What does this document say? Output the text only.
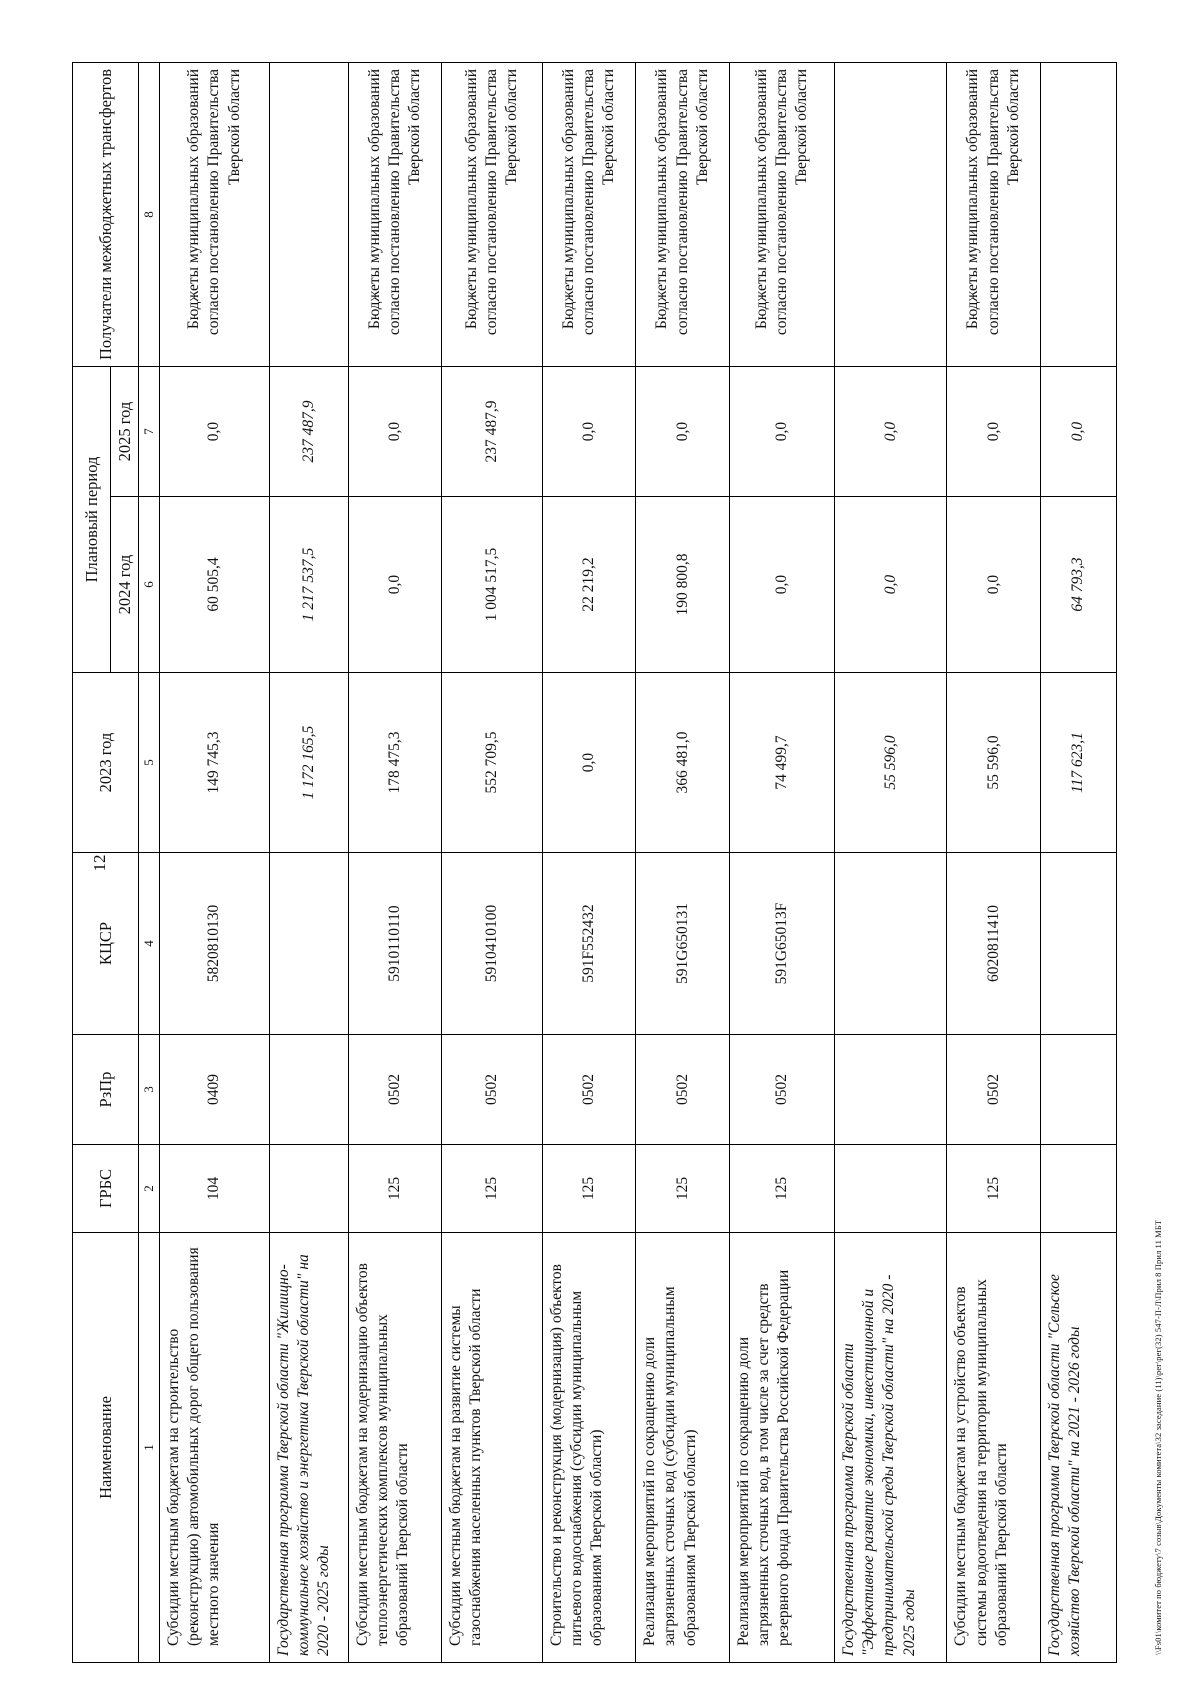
12
Наименование	ГРБС	РзПр	КЦСР	2023 год	Плановый период		Получатели межбюджетных трансфертов
					2024 год	2025 год	
1	2	3	4	5	6	7	8
Субсидии местным бюджетам на строительство (реконструкцию) автомобильных дорог общего пользования местного значения	104	0409	5820810130	149 745,3	60 505,4	0,0	Бюджеты муниципальных образований согласно постановлению Правительства Тверской области
Государственная программа Тверской области "Жилищно-коммунальное хозяйство и энергетика Тверской области" на 2020 - 2025 годы				1 172 165,5	1 217 537,5	237 487,9	
Субсидии местным бюджетам на модернизацию объектов теплоэнергетических комплексов муниципальных образований Тверской области	125	0502	5910110110	178 475,3	0,0	0,0	Бюджеты муниципальных образований согласно постановлению Правительства Тверской области
Субсидии местным бюджетам на развитие системы газоснабжения населенных пунктов Тверской области	125	0502	5910410100	552 709,5	1 004 517,5	237 487,9	Бюджеты муниципальных образований согласно постановлению Правительства Тверской области
Строительство и реконструкция (модернизация) объектов питьевого водоснабжения (субсидии муниципальным образованиям Тверской области)	125	0502	591F552432	0,0	22 219,2	0,0	Бюджеты муниципальных образований согласно постановлению Правительства Тверской области
Реализация мероприятий по сокращению доли загрязненных сточных вод (субсидии муниципальным образованиям Тверской области)	125	0502	591G650131	366 481,0	190 800,8	0,0	Бюджеты муниципальных образований согласно постановлению Правительства Тверской области
Реализация мероприятий по сокращению доли загрязненных сточных вод, в том числе за счет средств резервного фонда Правительства Российской Федерации	125	0502	591G65013F	74 499,7	0,0	0,0	Бюджеты муниципальных образований согласно постановлению Правительства Тверской области
Государственная программа Тверской области "Эффективное развитие экономики, инвестиционной и предпринимательской среды Тверской области" на 2020 - 2025 годы				55 596,0	0,0	0,0	
Субсидии местным бюджетам на устройство объектов системы водоотведения на территории муниципальных образований Тверской области	125	0502	6020811410	55 596,0	0,0	0,0	Бюджеты муниципальных образований согласно постановлению Правительства Тверской области
Государственная программа Тверской области "Сельское хозяйство Тверской области" на 2021 - 2026 годы				117 623,1	64 793,3	0,0	
\\Fs01\комитет по бюджету\7 созыв\Документы комитета\32 заседание (11)\рег\рег(32) 547-П-Л\Прил 8 Прил 11 МБТ
